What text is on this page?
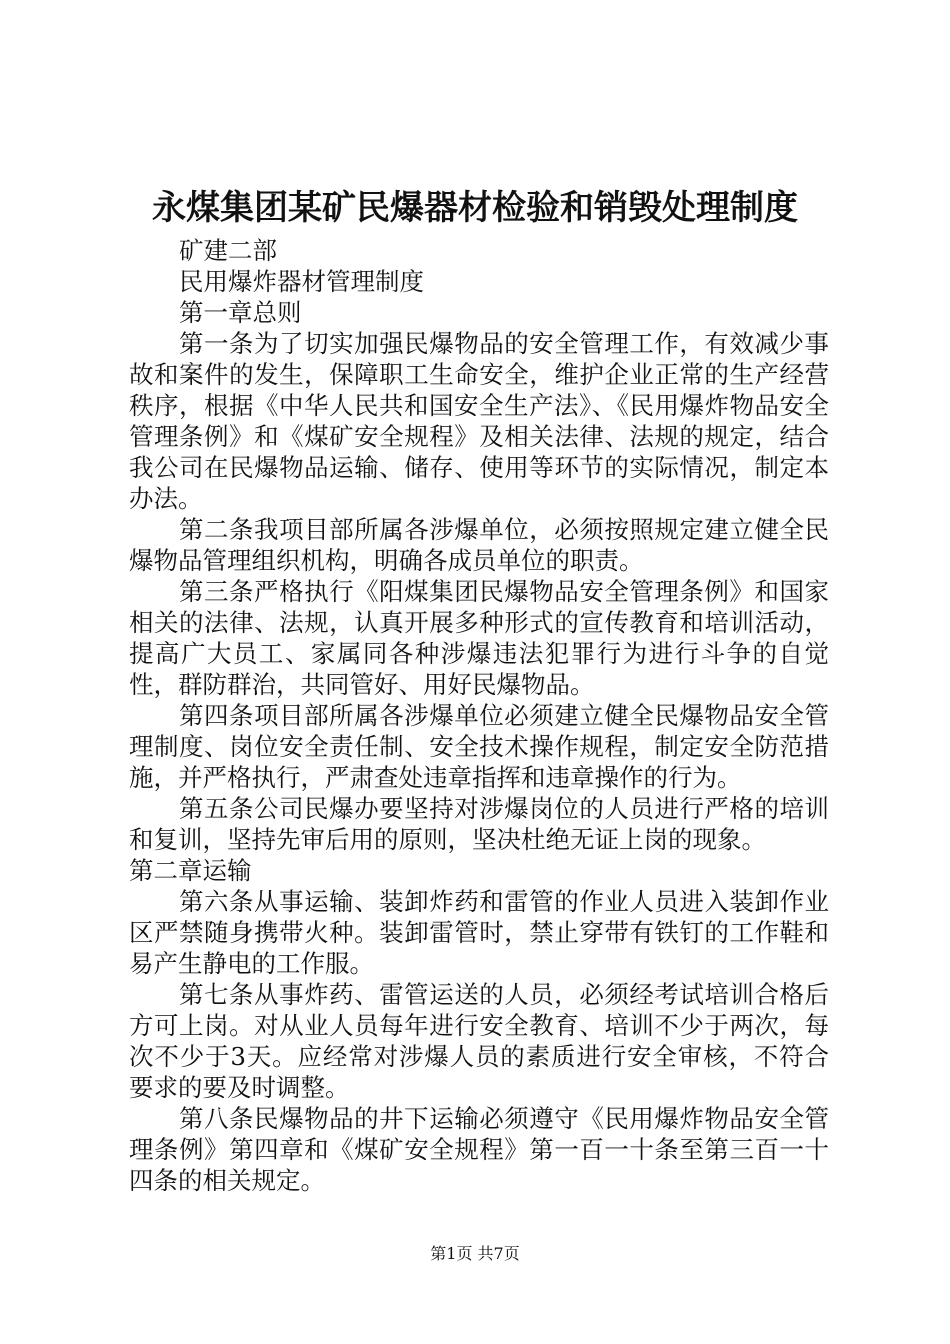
永煤集团某矿民爆器材检验和销毁处理制度

矿建二部

民用爆炸器材管理制度

第一章总则

第一条为了切实加强民爆物品的安全管理工作，有效减少事故和案件的发生，保障职工生命安全，维护企业正常的生产经营秩序，根据《中华人民共和国安全生产法》、《民用爆炸物品安全管理条例》和《煤矿安全规程》及相关法律、法规的规定，结合我公司在民爆物品运输、储存、使用等环节的实际情况，制定本办法。

第二条我项目部所属各涉爆单位，必须按照规定建立健全民爆物品管理组织机构，明确各成员单位的职责。

第三条严格执行《阳煤集团民爆物品安全管理条例》和国家相关的法律、法规，认真开展多种形式的宣传教育和培训活动，提高广大员工、家属同各种涉爆违法犯罪行为进行斗争的自觉性，群防群治，共同管好、用好民爆物品。

第四条项目部所属各涉爆单位必须建立健全民爆物品安全管理制度、岗位安全责任制、安全技术操作规程，制定安全防范措施，并严格执行，严肃查处违章指挥和违章操作的行为。

第五条公司民爆办要坚持对涉爆岗位的人员进行严格的培训和复训，坚持先审后用的原则，坚决杜绝无证上岗的现象。

第二章运输

第六条从事运输、装卸炸药和雷管的作业人员进入装卸作业区严禁随身携带火种。装卸雷管时，禁止穿带有铁钉的工作鞋和易产生静电的工作服。

第七条从事炸药、雷管运送的人员，必须经考试培训合格后方可上岗。对从业人员每年进行安全教育、培训不少于两次，每次不少于3天。应经常对涉爆人员的素质进行安全审核，不符合要求的要及时调整。

第八条民爆物品的井下运输必须遵守《民用爆炸物品安全管理条例》第四章和《煤矿安全规程》第一百一十条至第三百一十四条的相关规定。

第1页 共7页
